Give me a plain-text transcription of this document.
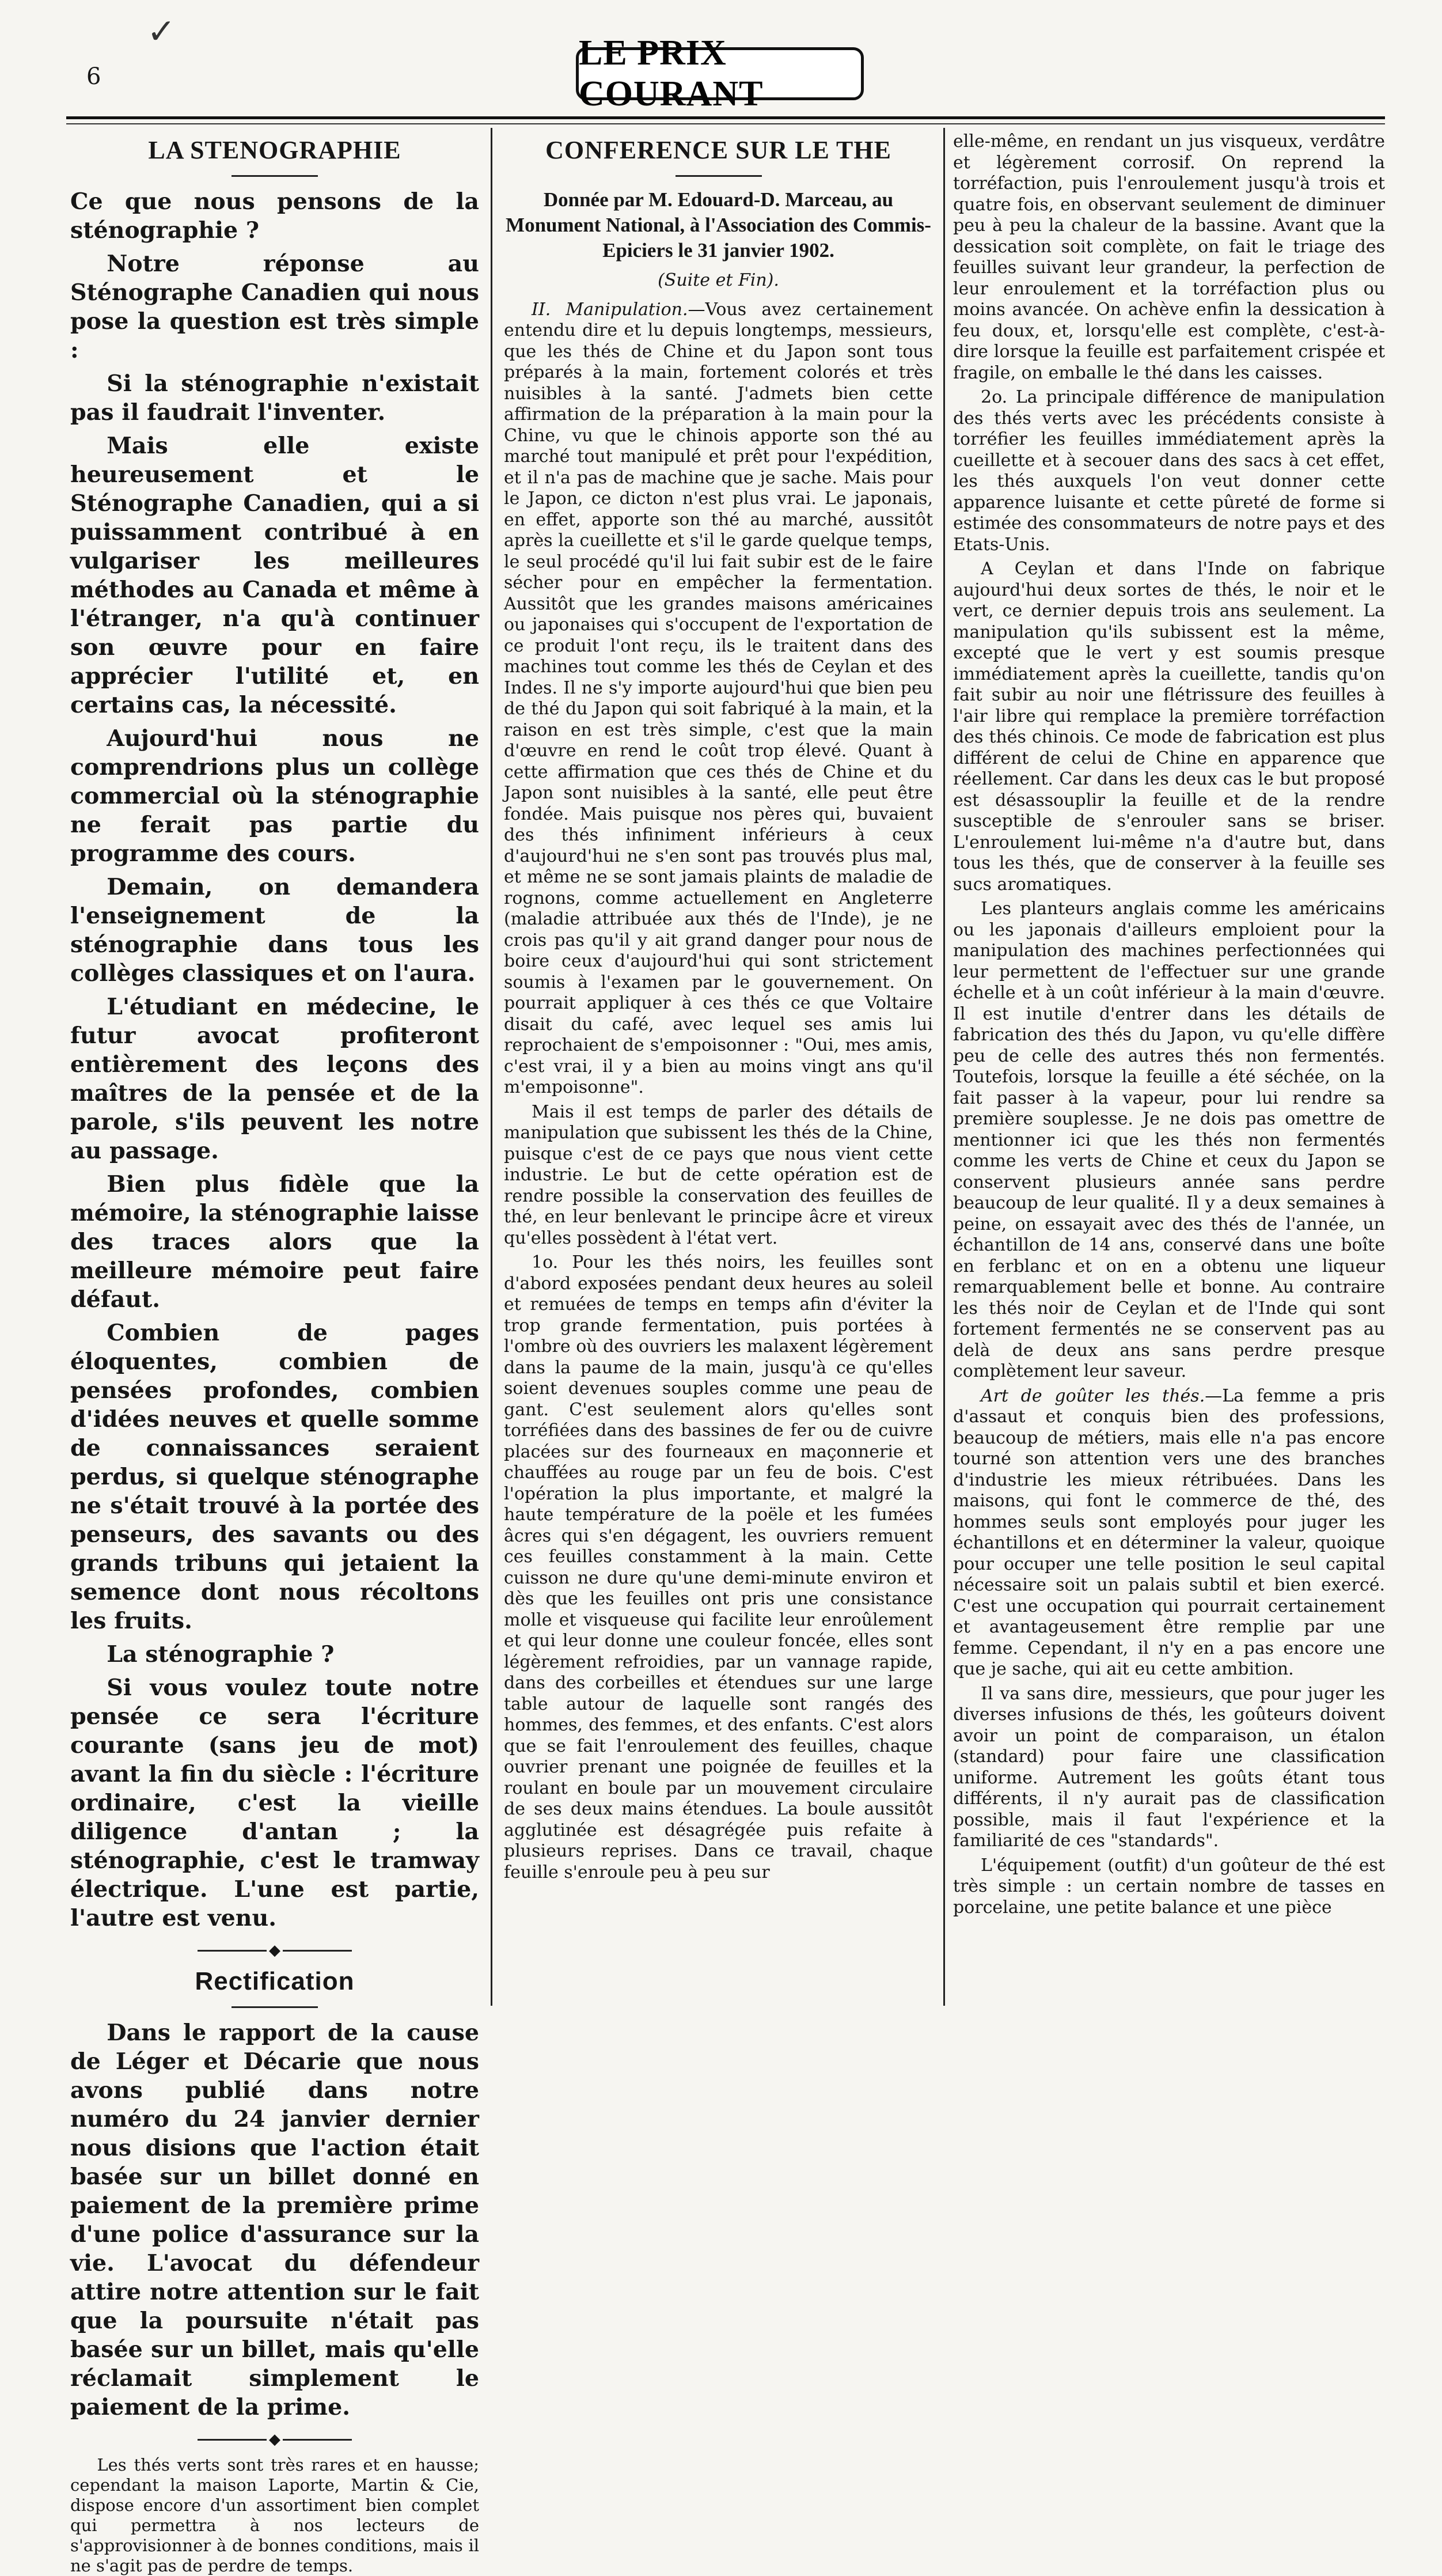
✓
6
LE PRIX COURANT
LA STENOGRAPHIE

Ce que nous pensons de la sténographie ?

Notre réponse au Sténographe Canadien qui nous pose la question est très simple :

Si la sténographie n'existait pas il faudrait l'inventer.

Mais elle existe heureusement et le Sténographe Canadien, qui a si puissamment contribué à en vulgariser les meilleures méthodes au Canada et même à l'étranger, n'a qu'à continuer son œuvre pour en faire apprécier l'utilité et, en certains cas, la nécessité.

Aujourd'hui nous ne comprendrions plus un collège commercial où la sténographie ne ferait pas partie du programme des cours.

Demain, on demandera l'enseignement de la sténographie dans tous les collèges classiques et on l'aura.

L'étudiant en médecine, le futur avocat profiteront entièrement des leçons des maîtres de la pensée et de la parole, s'ils peuvent les notre au passage.

Bien plus fidèle que la mémoire, la sténographie laisse des traces alors que la meilleure mémoire peut faire défaut.

Combien de pages éloquentes, combien de pensées profondes, combien d'idées neuves et quelle somme de connaissances seraient perdus, si quelque sténographe ne s'était trouvé à la portée des penseurs, des savants ou des grands tribuns qui jetaient la semence dont nous récoltons les fruits.

La sténographie ?

Si vous voulez toute notre pensée ce sera l'écriture courante (sans jeu de mot) avant la fin du siècle : l'écriture ordinaire, c'est la vieille diligence d'antan ; la sténographie, c'est le tramway électrique. L'une est partie, l'autre est venu.

◆
Rectification

Dans le rapport de la cause de Léger et Décarie que nous avons publié dans notre numéro du 24 janvier dernier nous disions que l'action était basée sur un billet donné en paiement de la première prime d'une police d'assurance sur la vie. L'avocat du défendeur attire notre attention sur le fait que la poursuite n'était pas basée sur un billet, mais qu'elle réclamait simplement le paiement de la prime.

◆

Les thés verts sont très rares et en hausse; cependant la maison Laporte, Martin & Cie, dispose encore d'un assortiment bien complet qui permettra à nos lecteurs de s'approvisionner à de bonnes conditions, mais il ne s'agit pas de perdre de temps.

CONFERENCE SUR LE THE
Donnée par M. Edouard-D. Marceau, au Monument National, à l'Association des Commis-Epiciers le 31 janvier 1902.
(Suite et Fin).

II. Manipulation.—Vous avez certainement entendu dire et lu depuis longtemps, messieurs, que les thés de Chine et du Japon sont tous préparés à la main, fortement colorés et très nuisibles à la santé. J'admets bien cette affirmation de la préparation à la main pour la Chine, vu que le chinois apporte son thé au marché tout manipulé et prêt pour l'expédition, et il n'a pas de machine que je sache. Mais pour le Japon, ce dicton n'est plus vrai. Le japonais, en effet, apporte son thé au marché, aussitôt après la cueillette et s'il le garde quelque temps, le seul procédé qu'il lui fait subir est de le faire sécher pour en empêcher la fermentation. Aussitôt que les grandes maisons américaines ou japonaises qui s'occupent de l'exportation de ce produit l'ont reçu, ils le traitent dans des machines tout comme les thés de Ceylan et des Indes. Il ne s'y importe aujourd'hui que bien peu de thé du Japon qui soit fabriqué à la main, et la raison en est très simple, c'est que la main d'œuvre en rend le coût trop élevé. Quant à cette affirmation que ces thés de Chine et du Japon sont nuisibles à la santé, elle peut être fondée. Mais puisque nos pères qui, buvaient des thés infiniment inférieurs à ceux d'aujourd'hui ne s'en sont pas trouvés plus mal, et même ne se sont jamais plaints de maladie de rognons, comme actuellement en Angleterre (maladie attribuée aux thés de l'Inde), je ne crois pas qu'il y ait grand danger pour nous de boire ceux d'aujourd'hui qui sont strictement soumis à l'examen par le gouvernement. On pourrait appliquer à ces thés ce que Voltaire disait du café, avec lequel ses amis lui reprochaient de s'empoisonner : "Oui, mes amis, c'est vrai, il y a bien au moins vingt ans qu'il m'empoisonne".

Mais il est temps de parler des détails de manipulation que subissent les thés de la Chine, puisque c'est de ce pays que nous vient cette industrie. Le but de cette opération est de rendre possible la conservation des feuilles de thé, en leur benlevant le principe âcre et vireux qu'elles possèdent à l'état vert.

1o. Pour les thés noirs, les feuilles sont d'abord exposées pendant deux heures au soleil et remuées de temps en temps afin d'éviter la trop grande fermentation, puis portées à l'ombre où des ouvriers les malaxent légèrement dans la paume de la main, jusqu'à ce qu'elles soient devenues souples comme une peau de gant. C'est seulement alors qu'elles sont torréfiées dans des bassines de fer ou de cuivre placées sur des fourneaux en maçonnerie et chauffées au rouge par un feu de bois. C'est l'opération la plus importante, et malgré la haute température de la poële et les fumées âcres qui s'en dégagent, les ouvriers remuent ces feuilles constamment à la main. Cette cuisson ne dure qu'une demi-minute environ et dès que les feuilles ont pris une consistance molle et visqueuse qui facilite leur enroûlement et qui leur donne une couleur foncée, elles sont légèrement refroidies, par un vannage rapide, dans des corbeilles et étendues sur une large table autour de laquelle sont rangés des hommes, des femmes, et des enfants. C'est alors que se fait l'enroulement des feuilles, chaque ouvrier prenant une poignée de feuilles et la roulant en boule par un mouvement circulaire de ses deux mains étendues. La boule aussitôt agglutinée est désagrégée puis refaite à plusieurs reprises. Dans ce travail, chaque feuille s'enroule peu à peu sur

elle-même, en rendant un jus visqueux, verdâtre et légèrement corrosif. On reprend la torréfaction, puis l'enroulement jusqu'à trois et quatre fois, en observant seulement de diminuer peu à peu la chaleur de la bassine. Avant que la dessication soit complète, on fait le triage des feuilles suivant leur grandeur, la perfection de leur enroulement et la torréfaction plus ou moins avancée. On achève enfin la dessication à feu doux, et, lorsqu'elle est complète, c'est-à-dire lorsque la feuille est parfaitement crispée et fragile, on emballe le thé dans les caisses.

2o. La principale différence de manipulation des thés verts avec les précédents consiste à torréfier les feuilles immédiatement après la cueillette et à secouer dans des sacs à cet effet, les thés auxquels l'on veut donner cette apparence luisante et cette pûreté de forme si estimée des consommateurs de notre pays et des Etats-Unis.

A Ceylan et dans l'Inde on fabrique aujourd'hui deux sortes de thés, le noir et le vert, ce dernier depuis trois ans seulement. La manipulation qu'ils subissent est la même, excepté que le vert y est soumis presque immédiatement après la cueillette, tandis qu'on fait subir au noir une flétrissure des feuilles à l'air libre qui remplace la première torréfaction des thés chinois. Ce mode de fabrication est plus différent de celui de Chine en apparence que réellement. Car dans les deux cas le but proposé est désassouplir la feuille et de la rendre susceptible de s'enrouler sans se briser. L'enroulement lui-même n'a d'autre but, dans tous les thés, que de conserver à la feuille ses sucs aromatiques.

Les planteurs anglais comme les américains ou les japonais d'ailleurs emploient pour la manipulation des machines perfectionnées qui leur permettent de l'effectuer sur une grande échelle et à un coût inférieur à la main d'œuvre. Il est inutile d'entrer dans les détails de fabrication des thés du Japon, vu qu'elle diffère peu de celle des autres thés non fermentés. Toutefois, lorsque la feuille a été séchée, on la fait passer à la vapeur, pour lui rendre sa première souplesse. Je ne dois pas omettre de mentionner ici que les thés non fermentés comme les verts de Chine et ceux du Japon se conservent plusieurs année sans perdre beaucoup de leur qualité. Il y a deux semaines à peine, on essayait avec des thés de l'année, un échantillon de 14 ans, conservé dans une boîte en ferblanc et on en a obtenu une liqueur remarquablement belle et bonne. Au contraire les thés noir de Ceylan et de l'Inde qui sont fortement fermentés ne se conservent pas au delà de deux ans sans perdre presque complètement leur saveur.

Art de goûter les thés.—La femme a pris d'assaut et conquis bien des professions, beaucoup de métiers, mais elle n'a pas encore tourné son attention vers une des branches d'industrie les mieux rétribuées. Dans les maisons, qui font le commerce de thé, des hommes seuls sont employés pour juger les échantillons et en déterminer la valeur, quoique pour occuper une telle position le seul capital nécessaire soit un palais subtil et bien exercé. C'est une occupation qui pourrait certainement et avantageusement être remplie par une femme. Cependant, il n'y en a pas encore une que je sache, qui ait eu cette ambition.

Il va sans dire, messieurs, que pour juger les diverses infusions de thés, les goûteurs doivent avoir un point de comparaison, un étalon (standard) pour faire une classification uniforme. Autrement les goûts étant tous différents, il n'y aurait pas de classification possible, mais il faut l'expérience et la familiarité de ces "standards".

L'équipement (outfit) d'un goûteur de thé est très simple : un certain nombre de tasses en porcelaine, une petite balance et une pièce
